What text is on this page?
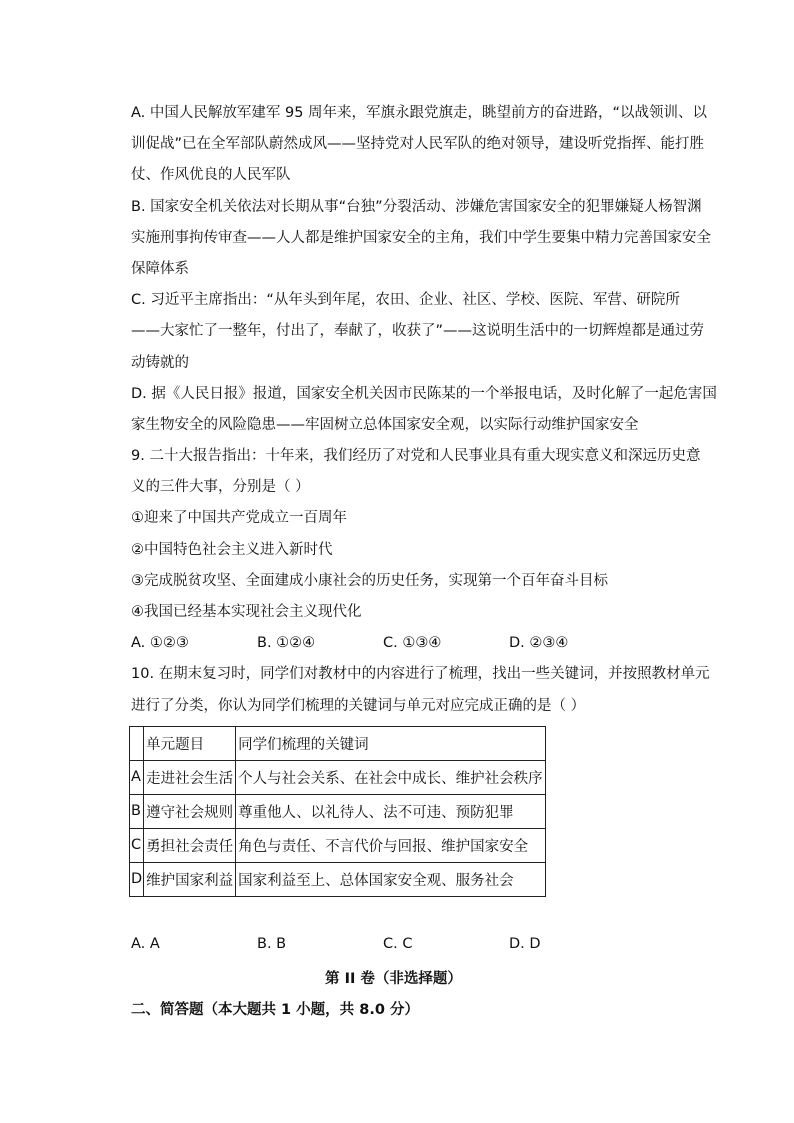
A. 中国人民解放军建军 95 周年来，军旗永跟党旗走，眺望前方的奋进路，“以战领训、以
训促战”已在全军部队蔚然成风——坚持党对人民军队的绝对领导，建设听党指挥、能打胜
仗、作风优良的人民军队
B. 国家安全机关依法对长期从事“台独”分裂活动、涉嫌危害国家安全的犯罪嫌疑人杨智渊
实施刑事拘传审查——人人都是维护国家安全的主角，我们中学生要集中精力完善国家安全
保障体系
C. 习近平主席指出：“从年头到年尾，农田、企业、社区、学校、医院、军营、研院所
——大家忙了一整年，付出了，奉献了，收获了”——这说明生活中的一切辉煌都是通过劳
动铸就的
D. 据《人民日报》报道，国家安全机关因市民陈某的一个举报电话，及时化解了一起危害国
家生物安全的风险隐患——牢固树立总体国家安全观，以实际行动维护国家安全
9. 二十大报告指出：十年来，我们经历了对党和人民事业具有重大现实意义和深远历史意
义的三件大事，分别是（ ）
①迎来了中国共产党成立一百周年
②中国特色社会主义进入新时代
③完成脱贫攻坚、全面建成小康社会的历史任务，实现第一个百年奋斗目标
④我国已经基本实现社会主义现代化
A. ①②③	B. ①②④	C. ①③④	D. ②③④
10. 在期末复习时，同学们对教材中的内容进行了梳理，找出一些关键词，并按照教材单元
进行了分类，你认为同学们梳理的关键词与单元对应完成正确的是（ ）
	单元题目	同学们梳理的关键词
A	走进社会生活	个人与社会关系、在社会中成长、维护社会秩序
B	遵守社会规则	尊重他人、以礼待人、法不可违、预防犯罪
C	勇担社会责任	角色与责任、不言代价与回报、维护国家安全
D	维护国家利益	国家利益至上、总体国家安全观、服务社会
A. A	B. B	C. C	D. D
第 II 卷（非选择题）
二、简答题（本大题共 1 小题，共 8.0 分）
